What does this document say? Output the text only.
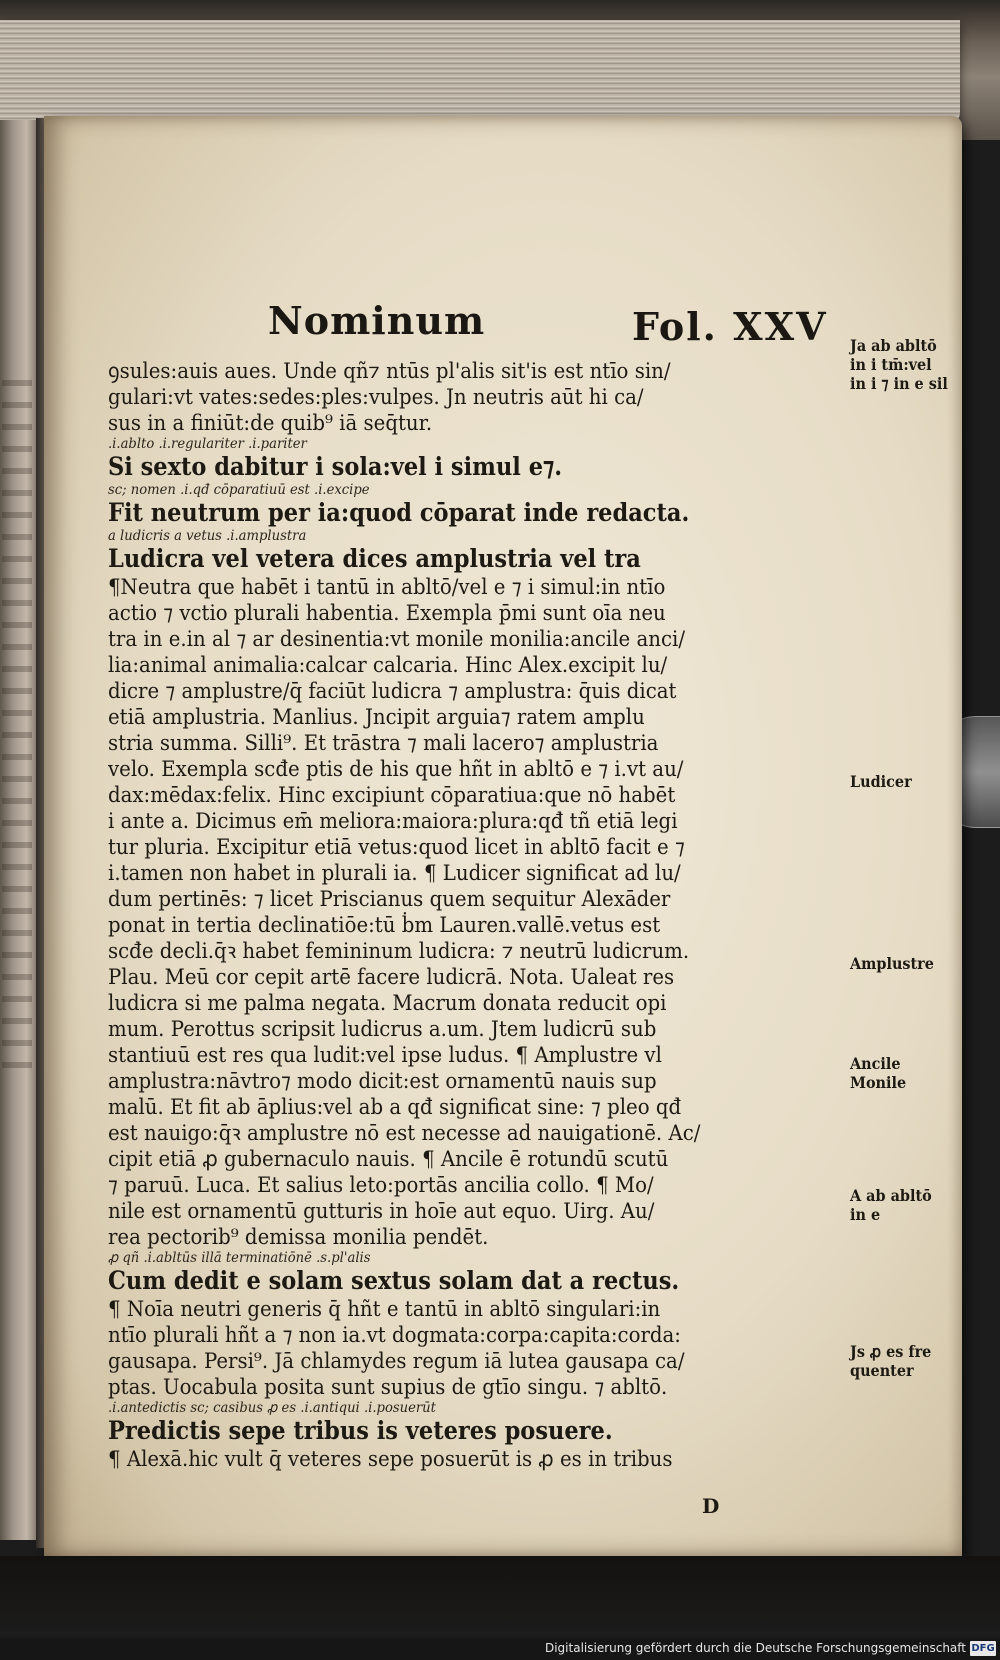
Nominum	Fol. XXV
ꝯsules:auis aues. Unde qñ⁊ ntūs pl'alis sit'is est ntīo sin/
gulari:vt vates:sedes:ples:vulpes. Jn neutris aūt hi ca/
sus in a finiūt:de quib⁹ iā seq̄tur.
.i.ablto .i.regulariter .i.pariter
Si sexto dabitur i sola:vel i simul e⁊.
sc; nomen .i.qđ cōparatiuū est .i.excipe
Fit neutrum per ia:quod cōparat inde redacta.
a ludicris a vetus .i.amplustra
Ludicra vel vetera dices amplustria vel tra
¶Neutra que habēt i tantū in abltō/vel e ⁊ i simul:in ntīo
actio ⁊ vctio plurali habentia. Exempla p̄mi sunt oīa neu
tra in e.in al ⁊ ar desinentia:vt monile monilia:ancile anci/
lia:animal animalia:calcar calcaria. Hinc Alex.excipit lu/
dicre ⁊ amplustre/q̄ faciūt ludicra ⁊ amplustra: q̄uis dicat
etiā amplustria. Manlius. Jncipit arguia⁊ ratem amplu
stria summa. Silli⁹. Et trāstra ⁊ mali lacero⁊ amplustria
velo. Exempla scđe ptis de his que hñt in abltō e ⁊ i.vt au/
dax:mēdax:felix. Hinc excipiunt cōparatiua:que nō habēt
i ante a. Dicimus em̄ meliora:maiora:plura:qđ tñ etiā legi
tur pluria. Excipitur etiā vetus:quod licet in abltō facit e ⁊
i.tamen non habet in plurali ia. ¶ Ludicer significat ad lu/
dum pertinēs: ⁊ licet Priscianus quem sequitur Alexāder
ponat in tertia declinatiōe:tū ḃm Lauren.vallē.vetus est
scđe decli.q̄ꝛ habet femininum ludicra: ⁊ neutrū ludicrum.
Plau. Meū cor cepit artē facere ludicrā. Nota. Ualeat res
ludicra si me palma negata. Macrum donata reducit opi
mum. Perottus scripsit ludicrus a.um. Jtem ludicrū sub
stantiuū est res qua ludit:vel ipse ludus. ¶ Amplustre vl
amplustra:nāvtro⁊ modo dicit:est ornamentū nauis sup
malū. Et fit ab āplius:vel ab a qđ significat sine: ⁊ pleo qđ
est nauigo:q̄ꝛ amplustre nō est necesse ad nauigationē. Ac/
cipit etiā ꝓ gubernaculo nauis. ¶ Ancile ē rotundū scutū
⁊ paruū. Luca. Et salius leto:portās ancilia collo. ¶ Mo/
nile est ornamentū gutturis in hoīe aut equo. Uirg. Au/
rea pectorib⁹ demissa monilia pendēt.
ꝓ qñ .i.abltūs illā terminatiōnē .s.pl'alis
Cum dedit e solam sextus solam dat a rectus.
¶ Noīa neutri generis q̄ hñt e tantū in abltō singulari:in
ntīo plurali hñt a ⁊ non ia.vt dogmata:corpa:capita:corda:
gausapa. Persi⁹. Jā chlamydes regum iā lutea gausapa ca/
ptas. Uocabula posita sunt supius de gtīo singu. ⁊ abltō.
.i.antedictis sc; casibus ꝓ es .i.antiqui .i.posuerūt
Predictis sepe tribus is veteres posuere.
¶ Alexā.hic vult q̄ veteres sepe posuerūt is ꝓ es in tribus
Ja ab abltō
in i tm̄:vel
in i ⁊ in e sil
Ludicer
Amplustre
Ancile
Monile
A ab abltō
in e
Js ꝓ es fre
quenter
D
Digitalisierung gefördert durch die Deutsche Forschungsgemeinschaft DFG
